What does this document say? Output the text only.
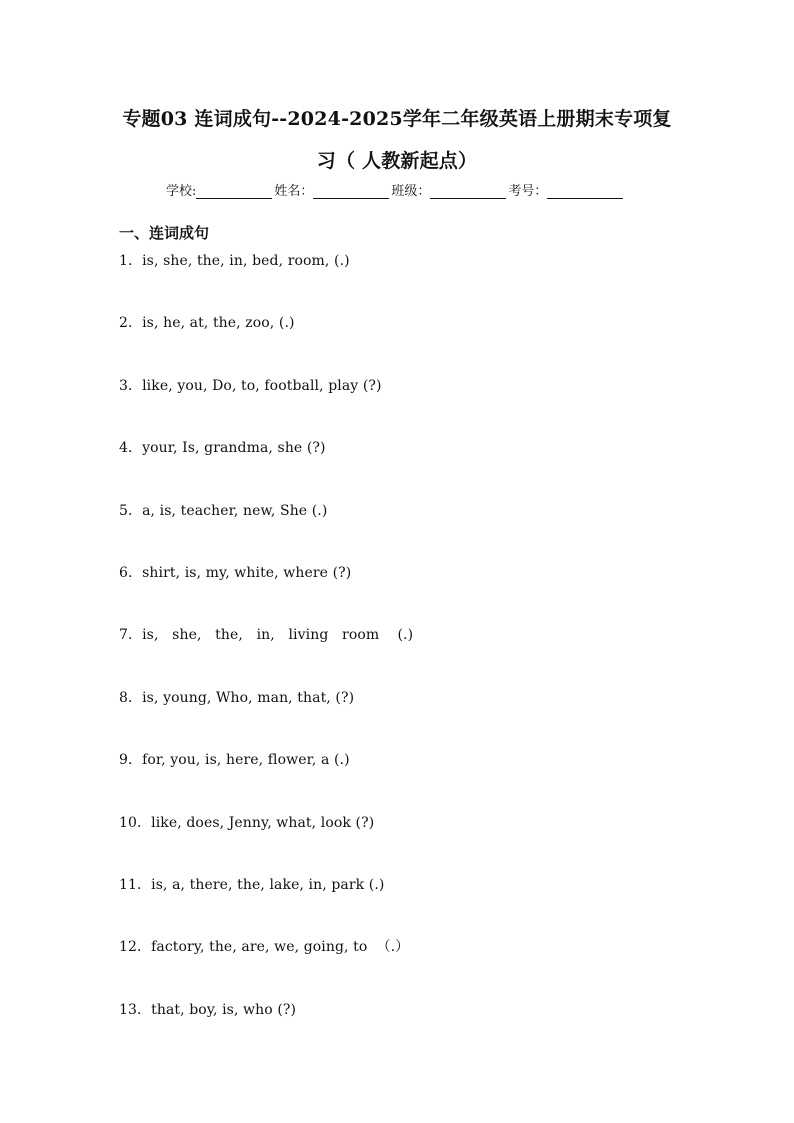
专题03 连词成句--2024-2025学年二年级英语上册期末专项复
习（ 人教新起点）
学校:	姓名：	班级：	考号：
一、连词成句
1．is, she, the, in, bed, room, (.)
2．is, he, at, the, zoo, (.)
3．like, you, Do, to, football, play (?)
4．your, Is, grandma, she (?)
5．a, is, teacher, new, She (.)
6．shirt, is, my, white, where (?)
7．is,   she,   the,   in,   living   room    (.)
8．is, young, Who, man, that, (?)
9．for, you, is, here, flower, a (.)
10．like, does, Jenny, what, look (?)
11．is, a, there, the, lake, in, park (.)
12．factory, the, are, we, going, to  （.）
13．that, boy, is, who (?)
